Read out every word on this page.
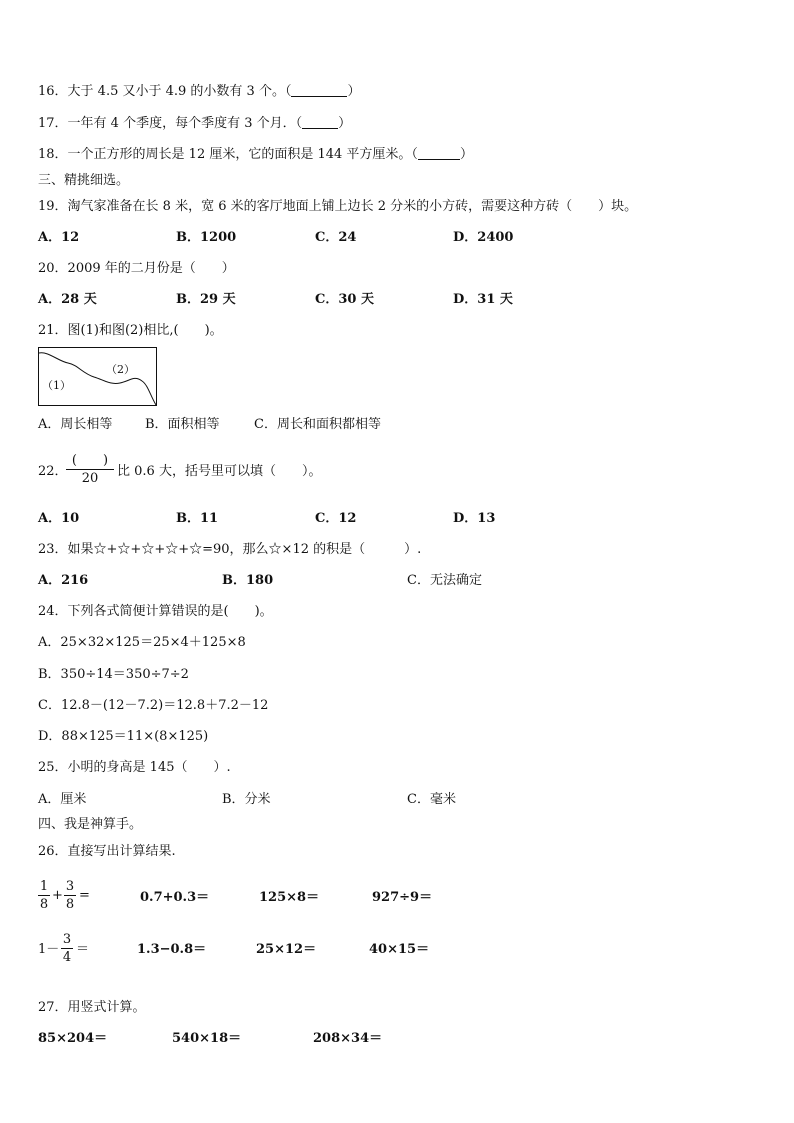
16．大于 4.5 又小于 4.9 的小数有 3 个。（	）
17．一年有 4 个季度，每个季度有 3 个月．（	）
18．一个正方形的周长是 12 厘米，它的面积是 144 平方厘米。（	）
三、精挑细选。
19．淘气家准备在长 8 米，宽 6 米的客厅地面上铺上边长 2 分米的小方砖，需要这种方砖（　　）块。
A．12	B．1200	C．24	D．2400
20．2009 年的二月份是（　　）
A．28 天	B．29 天	C．30 天	D．31 天
21．图(1)和图(2)相比,(　　)。
（1）
（2）
A．周长相等	B．面积相等	C．周长和面积都相等
22．
(　　)
20	比 0.6 大，括号里可以填（　　）。
A．10	B．11	C．12	D．13
23．如果☆+☆+☆+☆+☆=90，那么☆×12 的积是（　　　）.
A．216	B．180	C．无法确定
24．下列各式简便计算错误的是(　　)。
A．25×32×125＝25×4＋125×8
B．350÷14＝350÷7÷2
C．12.8－(12－7.2)＝12.8＋7.2－12
D．88×125＝11×(8×125)
25．小明的身高是 145（　　）.
A．厘米	B．分米	C．毫米
四、我是神算手。
26．直接写出计算结果.
1
8
+
3
8
=	0.7+0.3＝	125×8＝	927÷9＝
1－
3
4
＝	1.3−0.8＝	25×12＝	40×15＝
27．用竖式计算。
85×204＝	540×18＝	208×34＝
